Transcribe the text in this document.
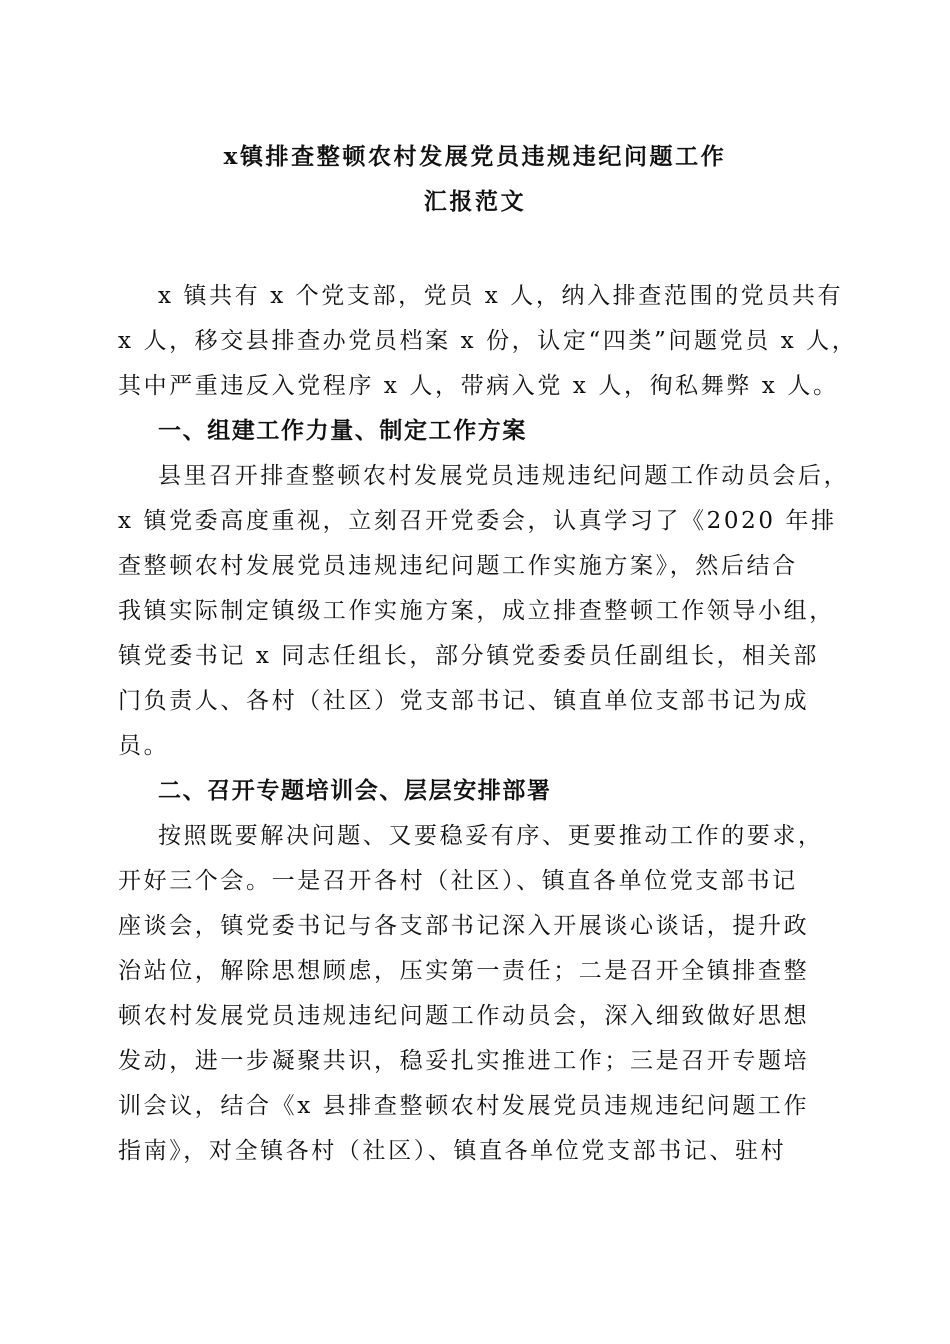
x镇排查整顿农村发展党员违规违纪问题工作
汇报范文
x 镇共有 x 个党支部，党员 x 人，纳入排查范围的党员共有
x 人，移交县排查办党员档案 x 份，认定“四类”问题党员 x 人，
其中严重违反入党程序 x 人，带病入党 x 人，徇私舞弊 x 人。
一、组建工作力量、制定工作方案
县里召开排查整顿农村发展党员违规违纪问题工作动员会后，
x 镇党委高度重视，立刻召开党委会，认真学习了《2020 年排
查整顿农村发展党员违规违纪问题工作实施方案》，然后结合
我镇实际制定镇级工作实施方案，成立排查整顿工作领导小组，
镇党委书记 x 同志任组长，部分镇党委委员任副组长，相关部
门负责人、各村（社区）党支部书记、镇直单位支部书记为成
员。
二、召开专题培训会、层层安排部署
按照既要解决问题、又要稳妥有序、更要推动工作的要求，
开好三个会。一是召开各村（社区）、镇直各单位党支部书记
座谈会，镇党委书记与各支部书记深入开展谈心谈话，提升政
治站位，解除思想顾虑，压实第一责任；二是召开全镇排查整
顿农村发展党员违规违纪问题工作动员会，深入细致做好思想
发动，进一步凝聚共识，稳妥扎实推进工作；三是召开专题培
训会议，结合《x 县排查整顿农村发展党员违规违纪问题工作
指南》，对全镇各村（社区）、镇直各单位党支部书记、驻村
